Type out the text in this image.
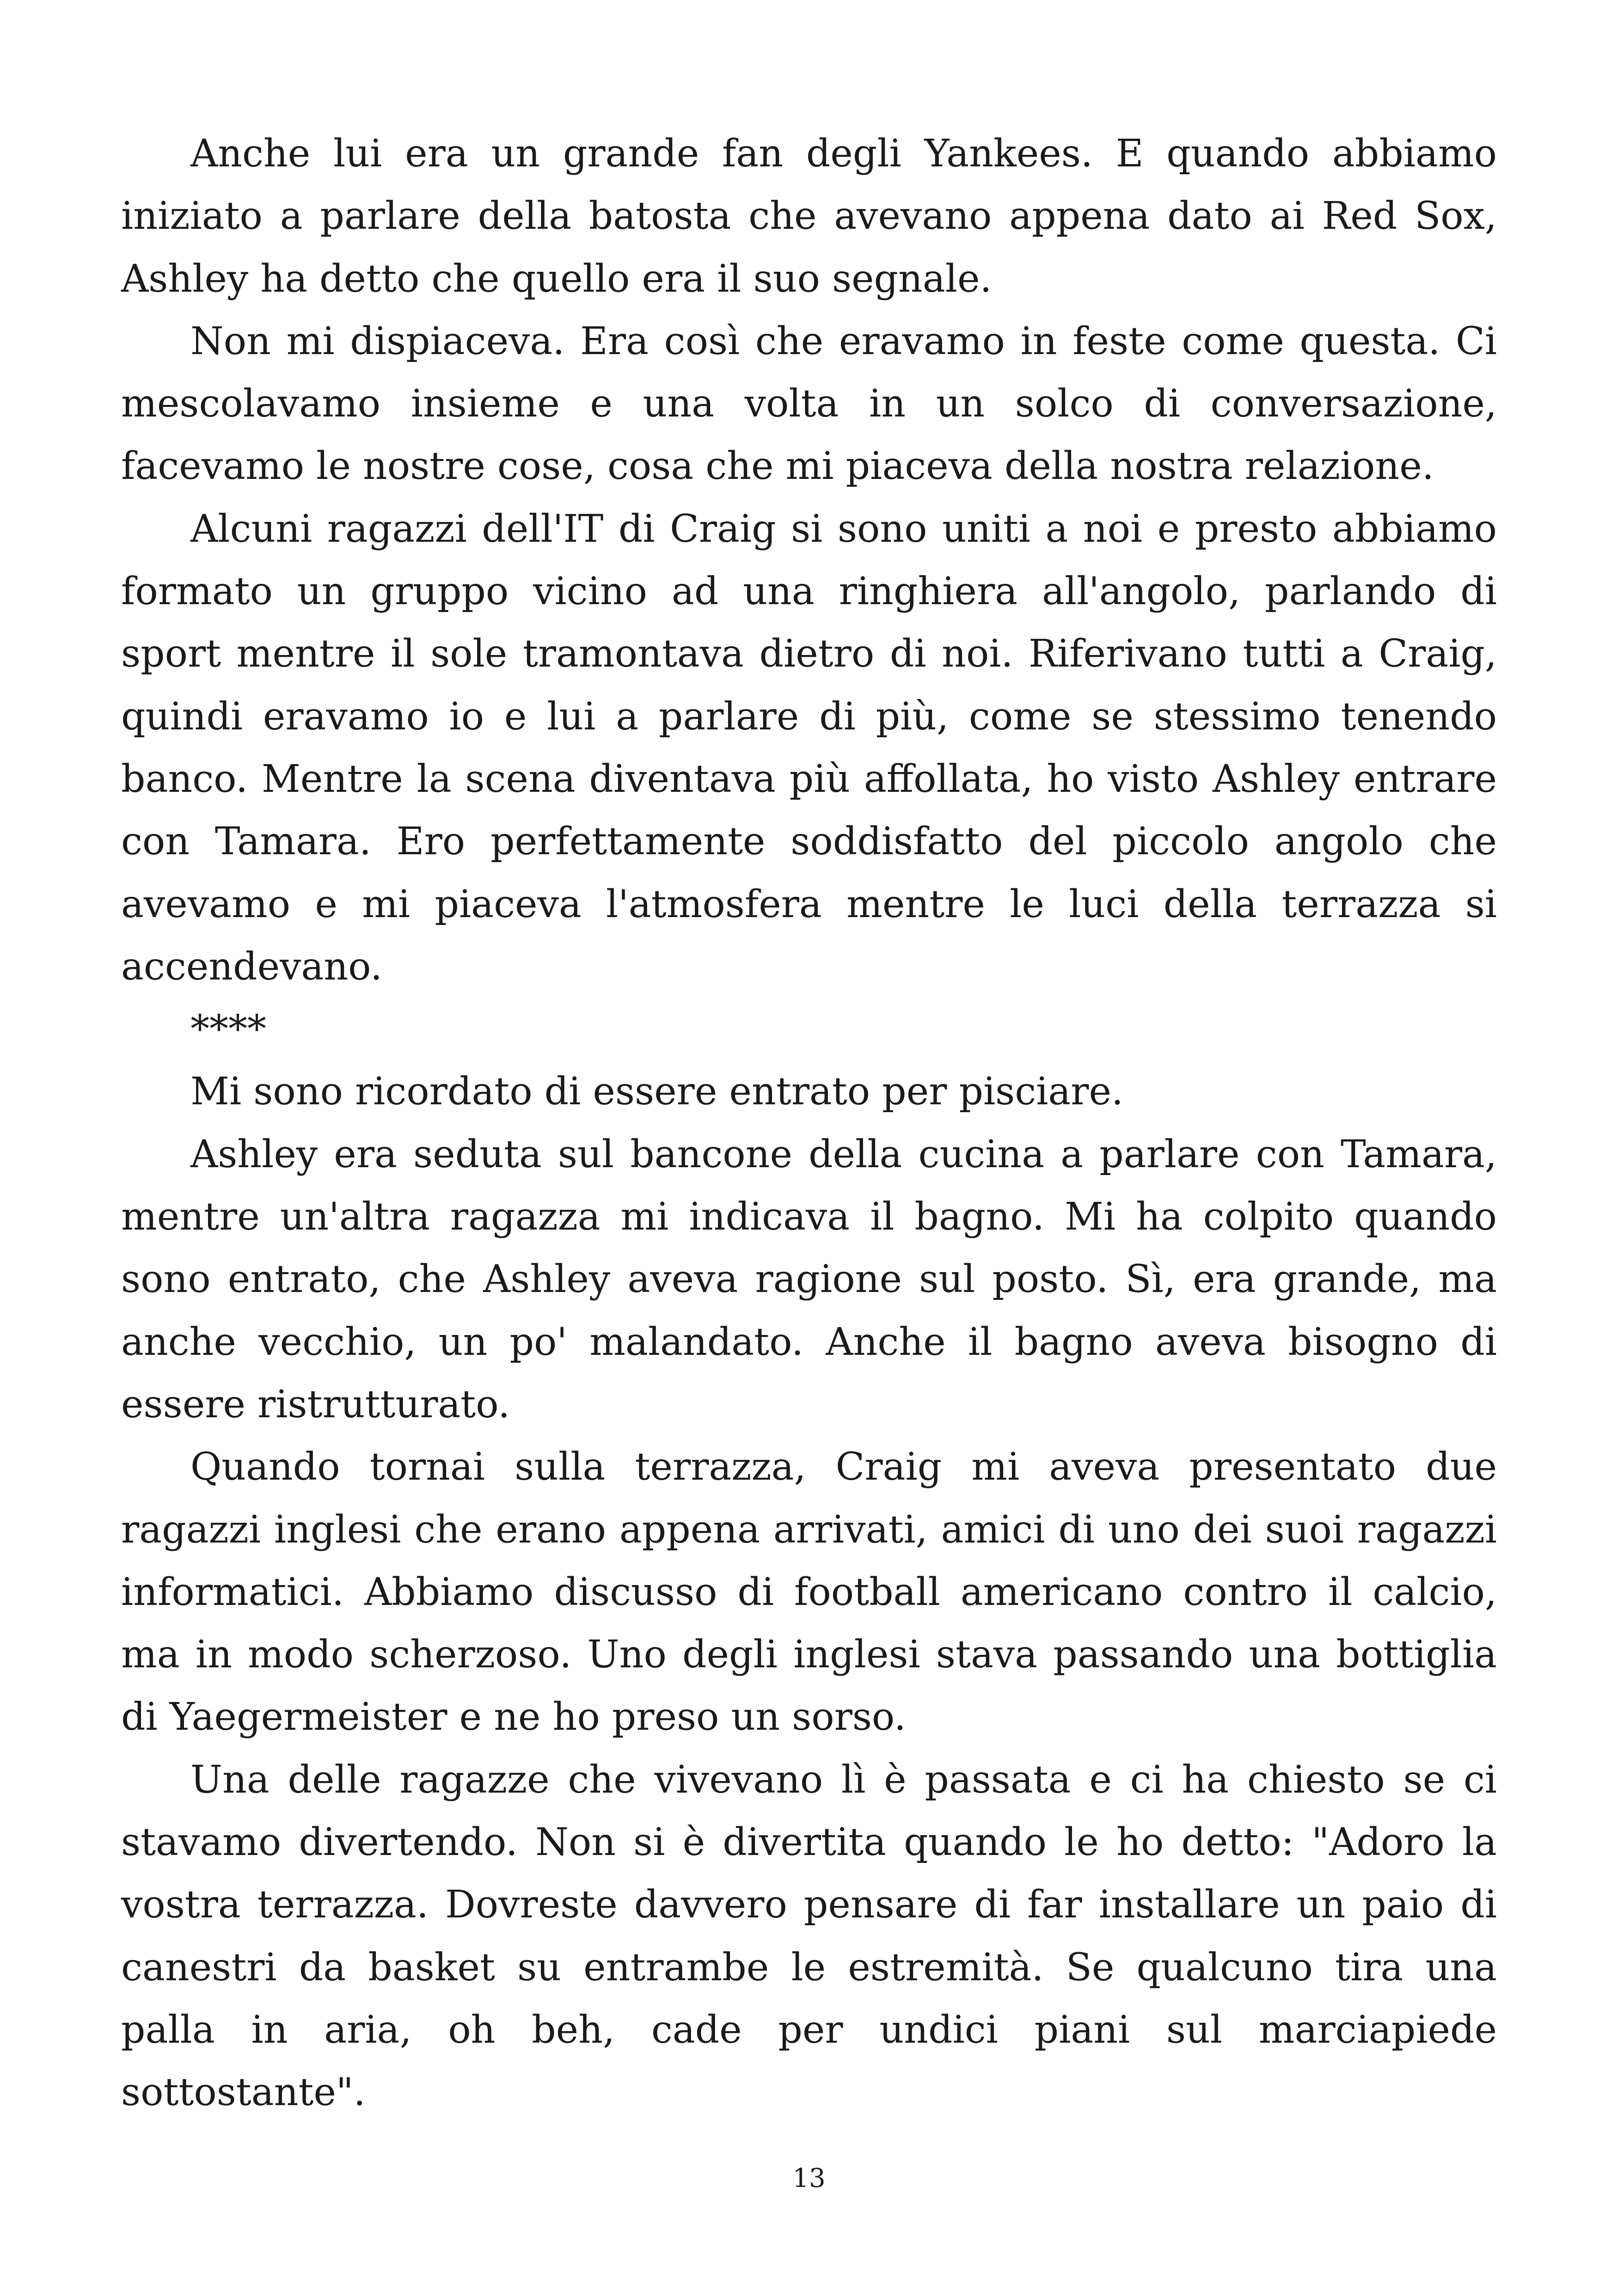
Anche lui era un grande fan degli Yankees. E quando abbiamo iniziato a parlare della batosta che avevano appena dato ai Red Sox, Ashley ha detto che quello era il suo segnale.

Non mi dispiaceva. Era così che eravamo in feste come questa. Ci mescolavamo insieme e una volta in un solco di conversazione, facevamo le nostre cose, cosa che mi piaceva della nostra relazione.

Alcuni ragazzi dell'IT di Craig si sono uniti a noi e presto abbiamo formato un gruppo vicino ad una ringhiera all'angolo, parlando di sport mentre il sole tramontava dietro di noi. Riferivano tutti a Craig, quindi eravamo io e lui a parlare di più, come se stessimo tenendo banco. Mentre la scena diventava più affollata, ho visto Ashley entrare con Tamara. Ero perfettamente soddisfatto del piccolo angolo che avevamo e mi piaceva l'atmosfera mentre le luci della terrazza si accendevano.

****

Mi sono ricordato di essere entrato per pisciare.

Ashley era seduta sul bancone della cucina a parlare con Tamara, mentre un'altra ragazza mi indicava il bagno. Mi ha colpito quando sono entrato, che Ashley aveva ragione sul posto. Sì, era grande, ma anche vecchio, un po' malandato. Anche il bagno aveva bisogno di essere ristrutturato.

Quando tornai sulla terrazza, Craig mi aveva presentato due ragazzi inglesi che erano appena arrivati, amici di uno dei suoi ragazzi informatici. Abbiamo discusso di football americano contro il calcio, ma in modo scherzoso. Uno degli inglesi stava passando una bottiglia di Yaegermeister e ne ho preso un sorso.

Una delle ragazze che vivevano lì è passata e ci ha chiesto se ci stavamo divertendo. Non si è divertita quando le ho detto: "Adoro la vostra terrazza. Dovreste davvero pensare di far installare un paio di canestri da basket su entrambe le estremità. Se qualcuno tira una palla in aria, oh beh, cade per undici piani sul marciapiede sottostante".

13
